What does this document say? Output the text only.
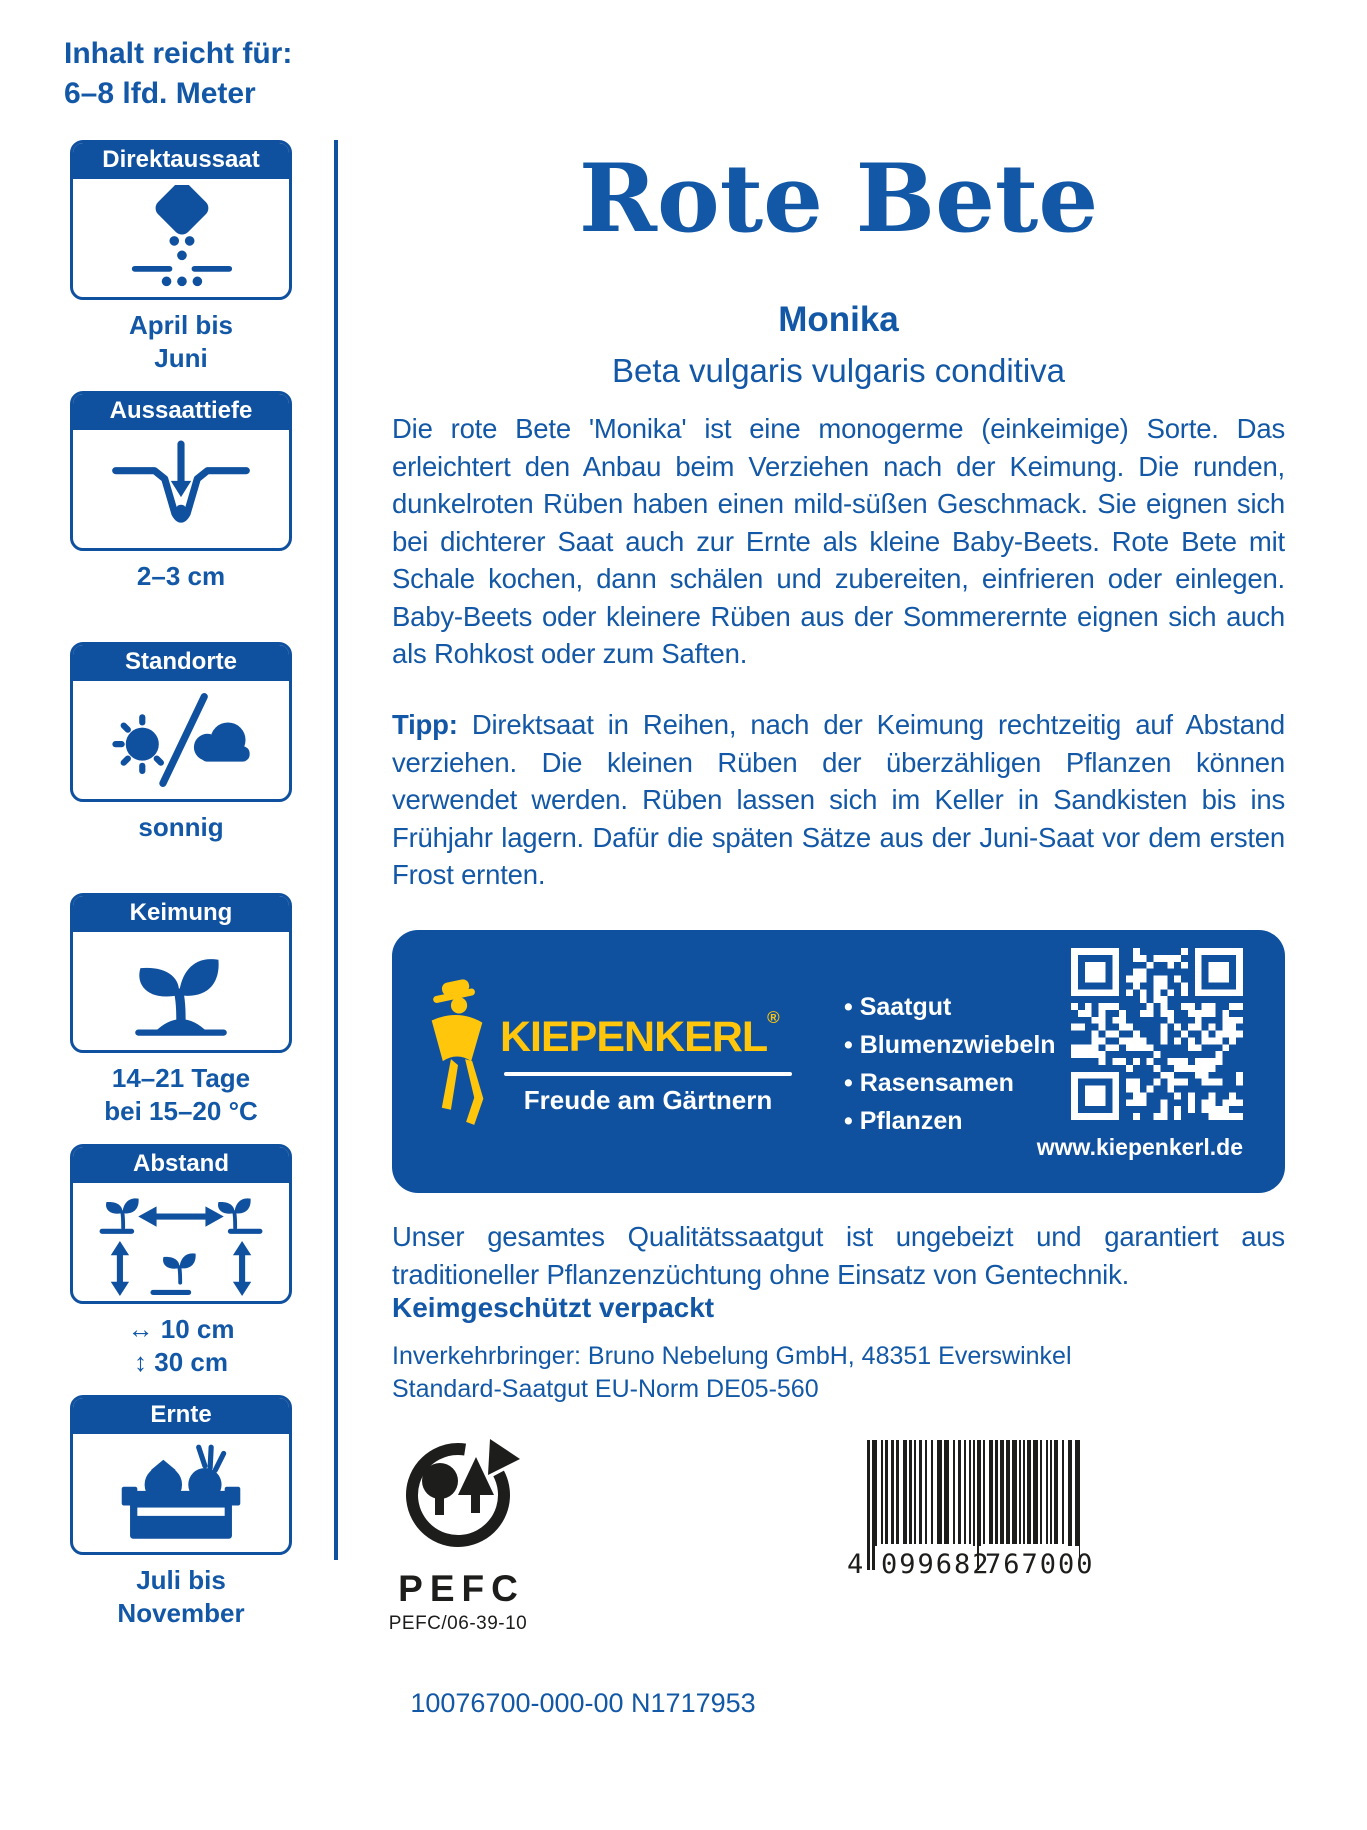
Inhalt reicht für:
6–8 lfd. Meter
Direktaussaat
April bis
Juni
Aussaattiefe
2–3 cm
Standorte
sonnig
Keimung
14–21 Tage
bei 15–20 °C
Abstand
↔ 10 cm
↕ 30 cm
Ernte
Juli bis
November
Rote Bete
Monika
Beta vulgaris vulgaris conditiva

Die rote Bete 'Monika' ist eine monogerme (einkeimige) Sorte. Das erleichtert den Anbau beim Verziehen nach der Keimung. Die runden, dunkelroten Rüben haben einen mild-süßen Geschmack. Sie eignen sich bei dichterer Saat auch zur Ernte als kleine Baby-Beets. Rote Bete mit Schale kochen, dann schälen und zubereiten, einfrieren oder einlegen. Baby-Beets oder kleinere Rüben aus der Sommerernte eignen sich auch als Rohkost oder zum Saften.

Tipp: Direktsaat in Reihen, nach der Keimung rechtzeitig auf Abstand verziehen. Die kleinen Rüben der überzähligen Pflanzen können verwendet werden. Rüben lassen sich im Keller in Sandkisten bis ins Frühjahr lagern. Dafür die späten Sätze aus der Juni-Saat vor dem ersten Frost ernten.

KIEPENKERL®
Freude am Gärtnern
• Saatgut
• Blumenzwiebeln
• Rasensamen
• Pflanzen
www.kiepenkerl.de

Unser gesamtes Qualitätssaatgut ist ungebeizt und garantiert aus traditioneller Pflanzenzüchtung ohne Einsatz von Gentechnik.

Keimgeschützt verpackt
Inverkehrbringer: Bruno Nebelung GmbH, 48351 Everswinkel
Standard-Saatgut EU-Norm DE05-560
PEFC
PEFC/06-39-10
4 099682
767000
10076700-000-00 N1717953
